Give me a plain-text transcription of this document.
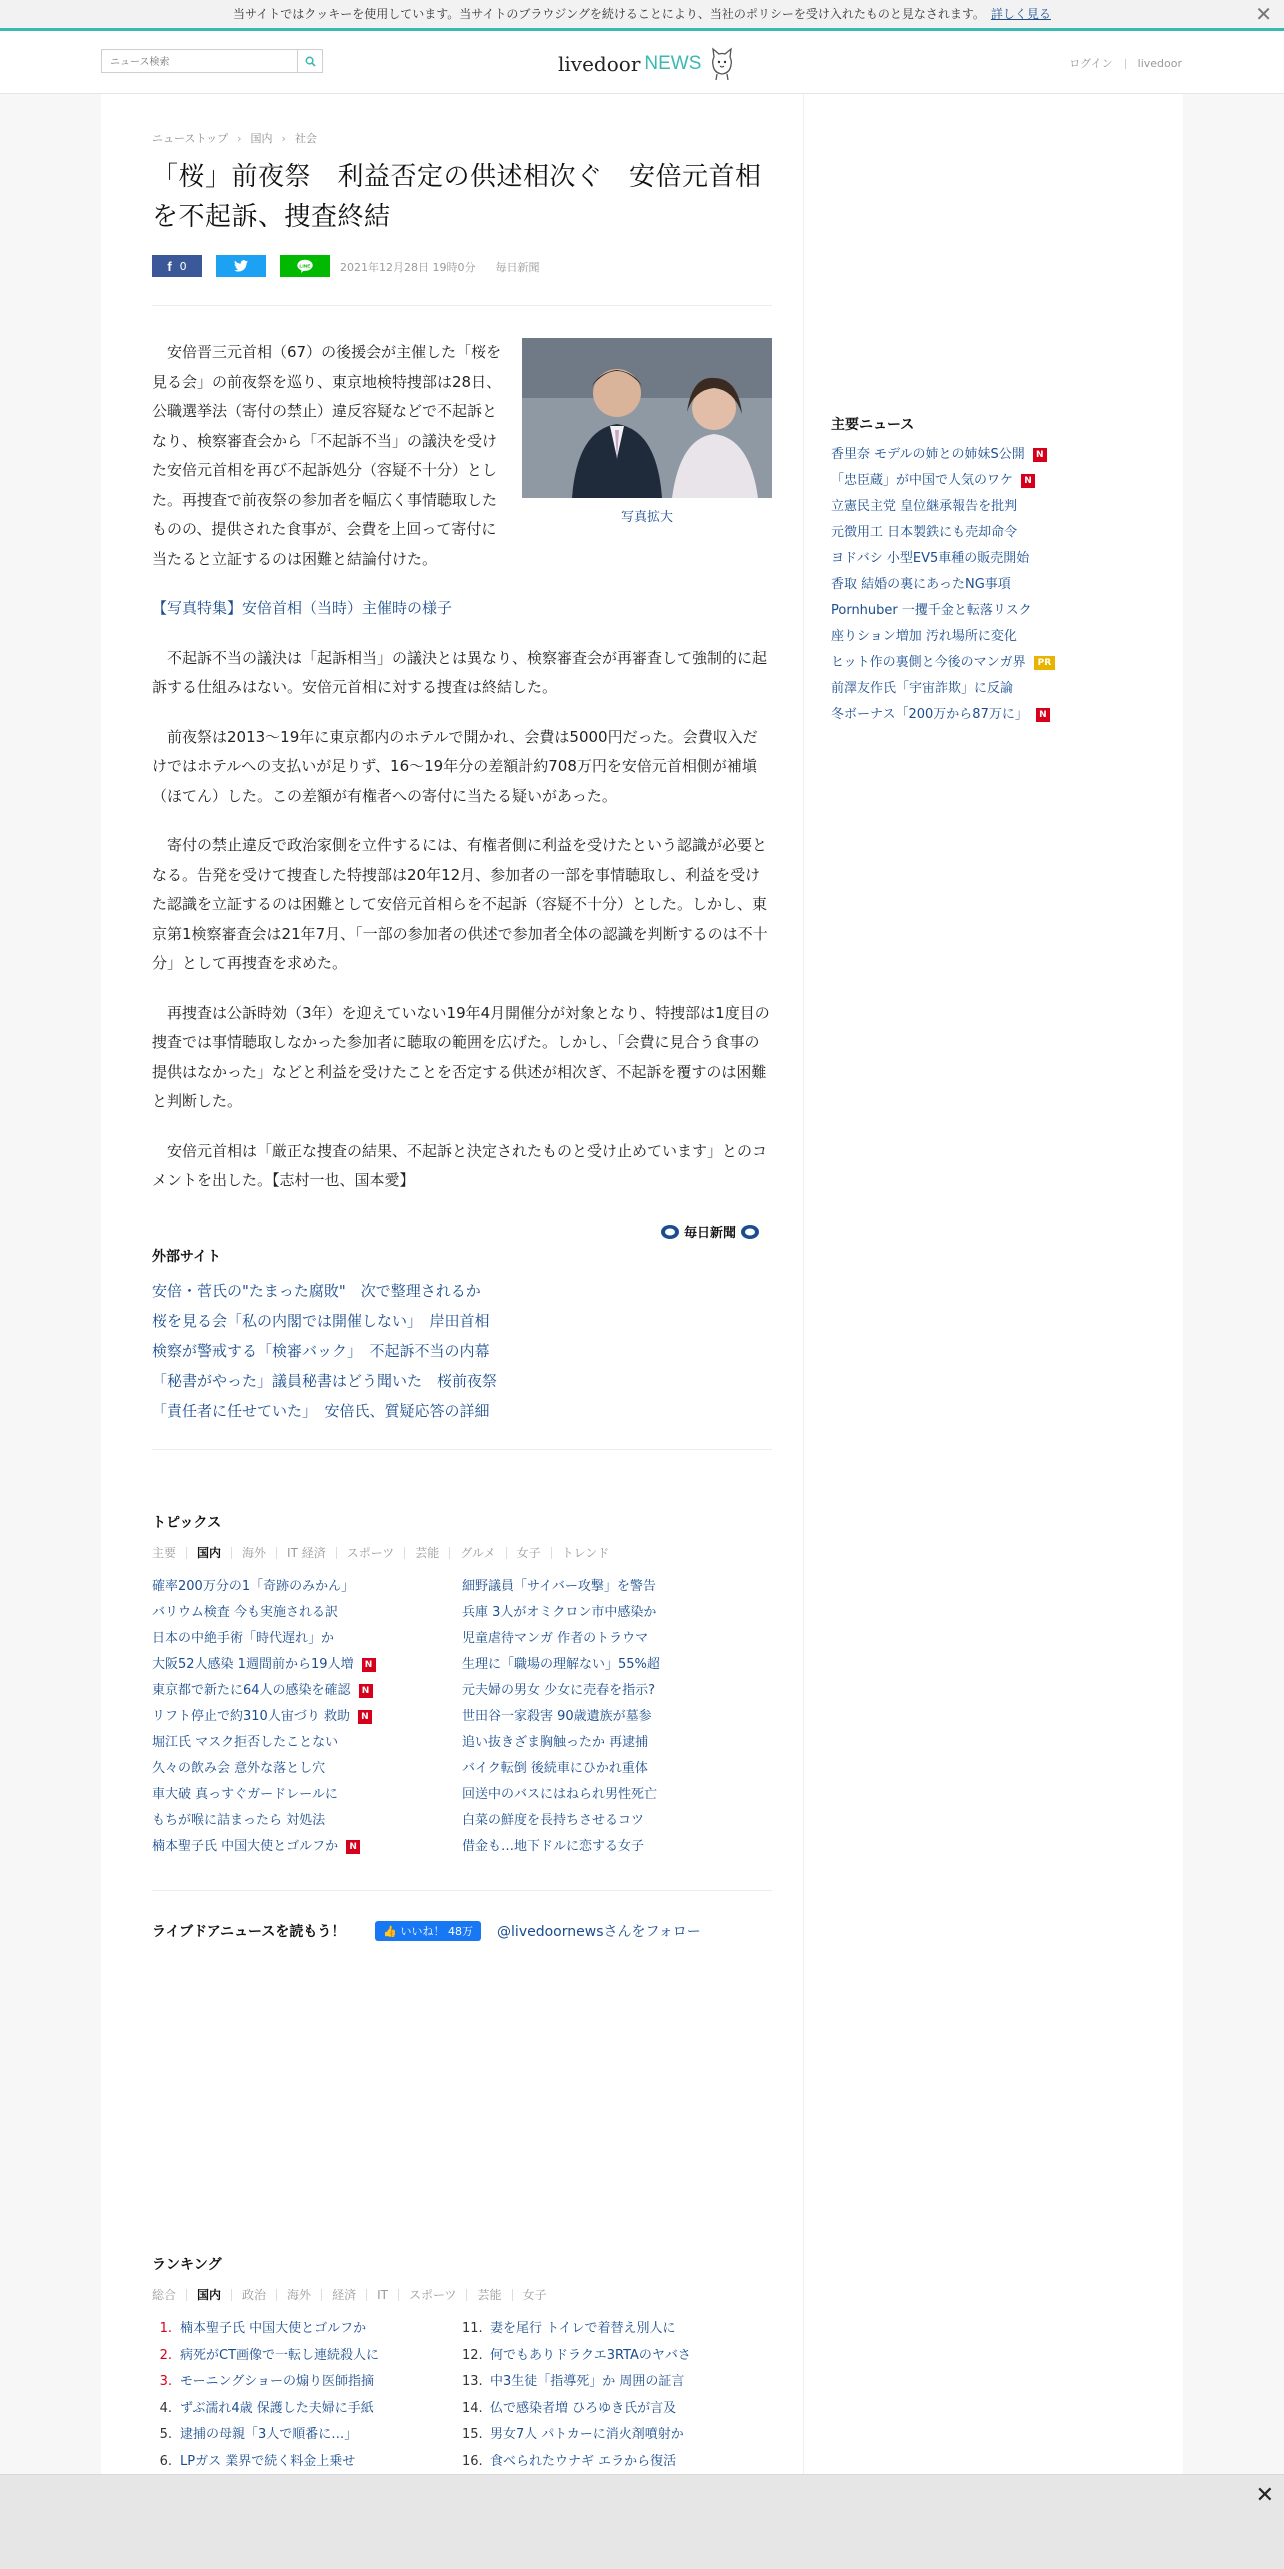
当サイトではクッキーを使用しています。当サイトのブラウジングを続けることにより、当社のポリシーを受け入れたものと見なされます。 詳しく見る	✕
ニュース検索
livedoor NEWS	ログイン livedoor
ニューストップ › 国内 › 社会
「桜」前夜祭　利益否定の供述相次ぐ　安倍元首相を不起訴、捜査終結
f 0	LINE	2021年12月28日 19時0分 毎日新聞
写真拡大

安倍晋三元首相（67）の後援会が主催した「桜を見る会」の前夜祭を巡り、東京地検特捜部は28日、公職選挙法（寄付の禁止）違反容疑などで不起訴となり、検察審査会から「不起訴不当」の議決を受けた安倍元首相を再び不起訴処分（容疑不十分）とした。再捜査で前夜祭の参加者を幅広く事情聴取したものの、提供された食事が、会費を上回って寄付に当たると立証するのは困難と結論付けた。

【写真特集】安倍首相（当時）主催時の様子

不起訴不当の議決は「起訴相当」の議決とは異なり、検察審査会が再審査して強制的に起訴する仕組みはない。安倍元首相に対する捜査は終結した。

前夜祭は2013～19年に東京都内のホテルで開かれ、会費は5000円だった。会費収入だけではホテルへの支払いが足りず、16～19年分の差額計約708万円を安倍元首相側が補塡（ほてん）した。この差額が有権者への寄付に当たる疑いがあった。

寄付の禁止違反で政治家側を立件するには、有権者側に利益を受けたという認識が必要となる。告発を受けて捜査した特捜部は20年12月、参加者の一部を事情聴取し、利益を受けた認識を立証するのは困難として安倍元首相らを不起訴（容疑不十分）とした。しかし、東京第1検察審査会は21年7月、「一部の参加者の供述で参加者全体の認識を判断するのは不十分」として再捜査を求めた。

再捜査は公訴時効（3年）を迎えていない19年4月開催分が対象となり、特捜部は1度目の捜査では事情聴取しなかった参加者に聴取の範囲を広げた。しかし、「会費に見合う食事の提供はなかった」などと利益を受けたことを否定する供述が相次ぎ、不起訴を覆すのは困難と判断した。

安倍元首相は「厳正な捜査の結果、不起訴と決定されたものと受け止めています」とのコメントを出した。【志村一也、国本愛】

毎日新聞
外部サイト
安倍・菅氏の"たまった腐敗"　次で整理されるか
桜を見る会「私の内閣では開催しない」　岸田首相
検察が警戒する「検審バック」　不起訴不当の内幕
「秘書がやった」議員秘書はどう聞いた　桜前夜祭
「責任者に任せていた」　安倍氏、質疑応答の詳細
トピックス
主要	国内	海外	IT 経済	スポーツ	芸能	グルメ	女子	トレンド
確率200万分の1「奇跡のみかん」
バリウム検査 今も実施される訳
日本の中絶手術「時代遅れ」か
大阪52人感染 1週間前から19人増 N
東京都で新たに64人の感染を確認 N
リフト停止で約310人宙づり 救助 N
堀江氏 マスク拒否したことない
久々の飲み会 意外な落とし穴
車大破 真っすぐガードレールに
もちが喉に詰まったら 対処法
楠本聖子氏 中国大使とゴルフか N
細野議員「サイバー攻撃」を警告
兵庫 3人がオミクロン市中感染か
児童虐待マンガ 作者のトラウマ
生理に「職場の理解ない」55%超
元夫婦の男女 少女に売春を指示?
世田谷一家殺害 90歳遺族が墓参
追い抜きざま胸触ったか 再逮捕
バイク転倒 後続車にひかれ重体
回送中のバスにはねられ男性死亡
白菜の鮮度を長持ちさせるコツ
借金も…地下ドルに恋する女子
ライブドアニュースを読もう！	👍 いいね！ 48万	@livedoornewsさんをフォロー
ランキング
総合	国内	政治	海外	経済	IT	スポーツ	芸能	女子
1. 楠本聖子氏 中国大使とゴルフか
2. 病死がCT画像で一転し連続殺人に
3. モーニングショーの煽り医師指摘
4. ずぶ濡れ4歳 保護した夫婦に手紙
5. 逮捕の母親「3人で順番に…」
6. LPガス 業界で続く料金上乗せ
11. 妻を尾行 トイレで着替え別人に
12. 何でもありドラクエ3RTAのヤバさ
13. 中3生徒「指導死」か 周囲の証言
14. 仏で感染者増 ひろゆき氏が言及
15. 男女7人 パトカーに消火剤噴射か
16. 食べられたウナギ エラから復活
主要ニュース
香里奈 モデルの姉との姉妹S公開 N
「忠臣蔵」が中国で人気のワケ N
立憲民主党 皇位継承報告を批判
元徴用工 日本製鉄にも売却命令
ヨドバシ 小型EV5車種の販売開始
香取 結婚の裏にあったNG事項
Pornhuber 一攫千金と転落リスク
座りション増加 汚れ場所に変化
ヒット作の裏側と今後のマンガ界 PR
前澤友作氏「宇宙詐欺」に反論
冬ボーナス「200万から87万に」 N
✕
